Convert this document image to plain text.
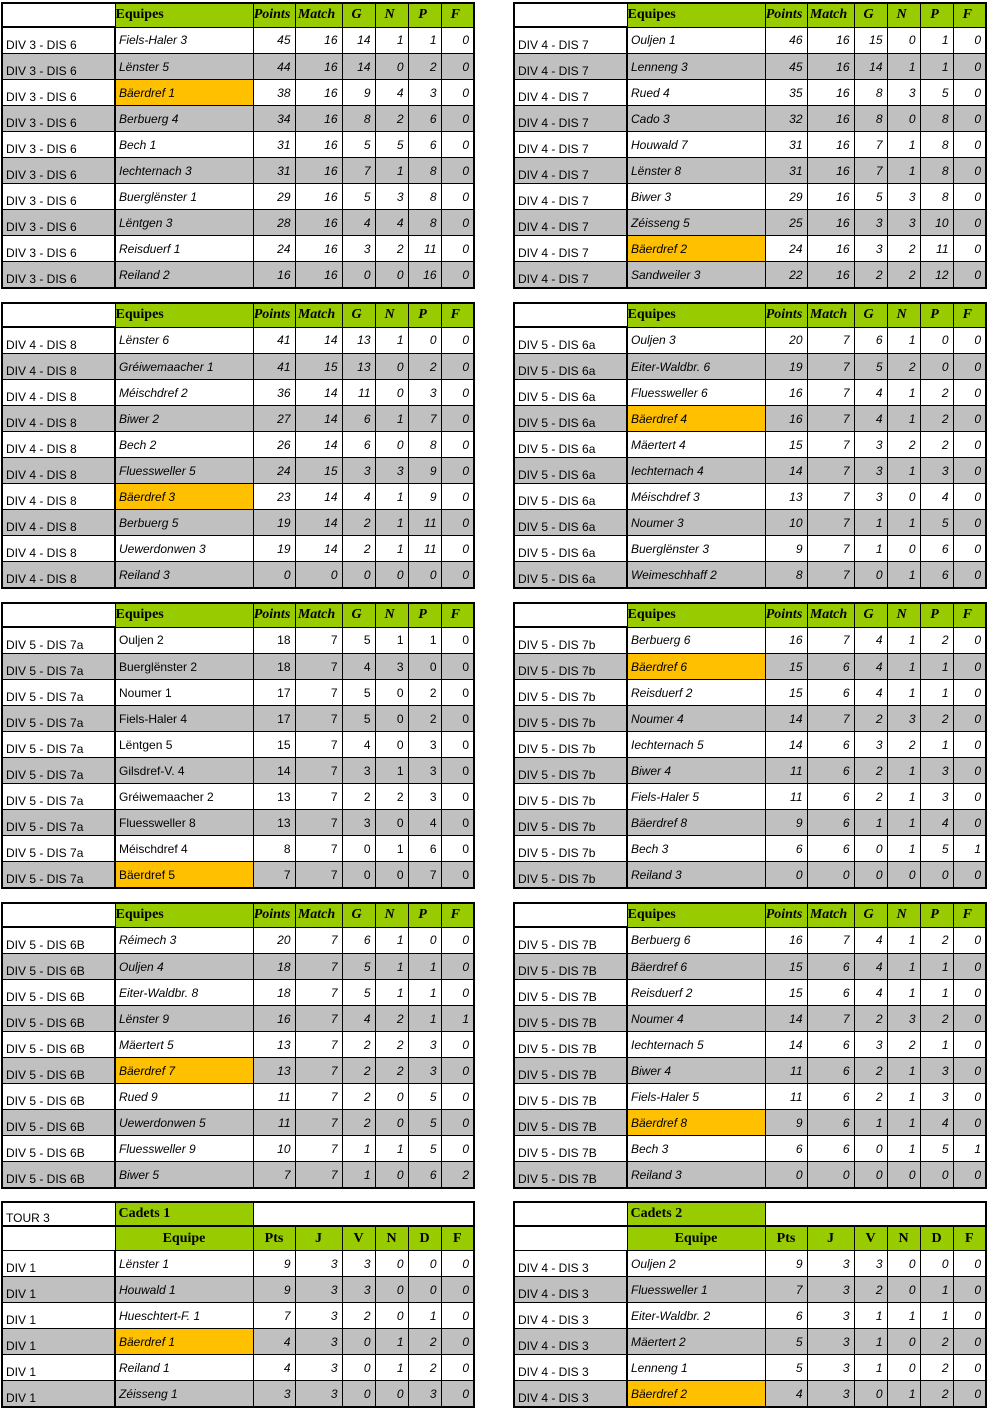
	Equipes	Points	Match	G	N	P	F
DIV 3 - DIS 6	Fiels-Haler 3	45	16	14	1	1	0
DIV 3 - DIS 6	Lënster 5	44	16	14	0	2	0
DIV 3 - DIS 6	Bäerdref 1	38	16	9	4	3	0
DIV 3 - DIS 6	Berbuerg 4	34	16	8	2	6	0
DIV 3 - DIS 6	Bech 1	31	16	5	5	6	0
DIV 3 - DIS 6	Iechternach 3	31	16	7	1	8	0
DIV 3 - DIS 6	Buerglënster 1	29	16	5	3	8	0
DIV 3 - DIS 6	Lëntgen 3	28	16	4	4	8	0
DIV 3 - DIS 6	Reisduerf 1	24	16	3	2	11	0
DIV 3 - DIS 6	Reiland 2	16	16	0	0	16	0
	Equipes	Points	Match	G	N	P	F
DIV 4 - DIS 7	Ouljen 1	46	16	15	0	1	0
DIV 4 - DIS 7	Lenneng 3	45	16	14	1	1	0
DIV 4 - DIS 7	Rued 4	35	16	8	3	5	0
DIV 4 - DIS 7	Cado 3	32	16	8	0	8	0
DIV 4 - DIS 7	Houwald 7	31	16	7	1	8	0
DIV 4 - DIS 7	Lënster 8	31	16	7	1	8	0
DIV 4 - DIS 7	Biwer 3	29	16	5	3	8	0
DIV 4 - DIS 7	Zéisseng 5	25	16	3	3	10	0
DIV 4 - DIS 7	Bäerdref 2	24	16	3	2	11	0
DIV 4 - DIS 7	Sandweiler 3	22	16	2	2	12	0
	Equipes	Points	Match	G	N	P	F
DIV 4 - DIS 8	Lënster 6	41	14	13	1	0	0
DIV 4 - DIS 8	Gréiwemaacher 1	41	15	13	0	2	0
DIV 4 - DIS 8	Méischdref 2	36	14	11	0	3	0
DIV 4 - DIS 8	Biwer 2	27	14	6	1	7	0
DIV 4 - DIS 8	Bech 2	26	14	6	0	8	0
DIV 4 - DIS 8	Fluessweller 5	24	15	3	3	9	0
DIV 4 - DIS 8	Bäerdref 3	23	14	4	1	9	0
DIV 4 - DIS 8	Berbuerg 5	19	14	2	1	11	0
DIV 4 - DIS 8	Uewerdonwen 3	19	14	2	1	11	0
DIV 4 - DIS 8	Reiland 3	0	0	0	0	0	0
	Equipes	Points	Match	G	N	P	F
DIV 5 - DIS 6a	Ouljen 3	20	7	6	1	0	0
DIV 5 - DIS 6a	Eiter-Waldbr. 6	19	7	5	2	0	0
DIV 5 - DIS 6a	Fluessweller 6	16	7	4	1	2	0
DIV 5 - DIS 6a	Bäerdref 4	16	7	4	1	2	0
DIV 5 - DIS 6a	Mäertert 4	15	7	3	2	2	0
DIV 5 - DIS 6a	Iechternach 4	14	7	3	1	3	0
DIV 5 - DIS 6a	Méischdref 3	13	7	3	0	4	0
DIV 5 - DIS 6a	Noumer 3	10	7	1	1	5	0
DIV 5 - DIS 6a	Buerglënster 3	9	7	1	0	6	0
DIV 5 - DIS 6a	Weimeschhaff 2	8	7	0	1	6	0
	Equipes	Points	Match	G	N	P	F
DIV 5 - DIS 7a	Ouljen 2	18	7	5	1	1	0
DIV 5 - DIS 7a	Buerglënster 2	18	7	4	3	0	0
DIV 5 - DIS 7a	Noumer 1	17	7	5	0	2	0
DIV 5 - DIS 7a	Fiels-Haler 4	17	7	5	0	2	0
DIV 5 - DIS 7a	Lëntgen 5	15	7	4	0	3	0
DIV 5 - DIS 7a	Gilsdref-V. 4	14	7	3	1	3	0
DIV 5 - DIS 7a	Gréiwemaacher 2	13	7	2	2	3	0
DIV 5 - DIS 7a	Fluessweller 8	13	7	3	0	4	0
DIV 5 - DIS 7a	Méischdref 4	8	7	0	1	6	0
DIV 5 - DIS 7a	Bäerdref 5	7	7	0	0	7	0
	Equipes	Points	Match	G	N	P	F
DIV 5 - DIS 7b	Berbuerg 6	16	7	4	1	2	0
DIV 5 - DIS 7b	Bäerdref 6	15	6	4	1	1	0
DIV 5 - DIS 7b	Reisduerf 2	15	6	4	1	1	0
DIV 5 - DIS 7b	Noumer 4	14	7	2	3	2	0
DIV 5 - DIS 7b	Iechternach 5	14	6	3	2	1	0
DIV 5 - DIS 7b	Biwer 4	11	6	2	1	3	0
DIV 5 - DIS 7b	Fiels-Haler 5	11	6	2	1	3	0
DIV 5 - DIS 7b	Bäerdref 8	9	6	1	1	4	0
DIV 5 - DIS 7b	Bech 3	6	6	0	1	5	1
DIV 5 - DIS 7b	Reiland 3	0	0	0	0	0	0
	Equipes	Points	Match	G	N	P	F
DIV 5 - DIS 6B	Réimech 3	20	7	6	1	0	0
DIV 5 - DIS 6B	Ouljen 4	18	7	5	1	1	0
DIV 5 - DIS 6B	Eiter-Waldbr. 8	18	7	5	1	1	0
DIV 5 - DIS 6B	Lënster 9	16	7	4	2	1	1
DIV 5 - DIS 6B	Mäertert 5	13	7	2	2	3	0
DIV 5 - DIS 6B	Bäerdref 7	13	7	2	2	3	0
DIV 5 - DIS 6B	Rued 9	11	7	2	0	5	0
DIV 5 - DIS 6B	Uewerdonwen 5	11	7	2	0	5	0
DIV 5 - DIS 6B	Fluessweller 9	10	7	1	1	5	0
DIV 5 - DIS 6B	Biwer 5	7	7	1	0	6	2
	Equipes	Points	Match	G	N	P	F
DIV 5 - DIS 7B	Berbuerg 6	16	7	4	1	2	0
DIV 5 - DIS 7B	Bäerdref 6	15	6	4	1	1	0
DIV 5 - DIS 7B	Reisduerf 2	15	6	4	1	1	0
DIV 5 - DIS 7B	Noumer 4	14	7	2	3	2	0
DIV 5 - DIS 7B	Iechternach 5	14	6	3	2	1	0
DIV 5 - DIS 7B	Biwer 4	11	6	2	1	3	0
DIV 5 - DIS 7B	Fiels-Haler 5	11	6	2	1	3	0
DIV 5 - DIS 7B	Bäerdref 8	9	6	1	1	4	0
DIV 5 - DIS 7B	Bech 3	6	6	0	1	5	1
DIV 5 - DIS 7B	Reiland 3	0	0	0	0	0	0
TOUR 3	Cadets 1						
	Equipe	Pts	J	V	N	D	F
DIV 1	Lënster 1	9	3	3	0	0	0
DIV 1	Houwald 1	9	3	3	0	0	0
DIV 1	Hueschtert-F. 1	7	3	2	0	1	0
DIV 1	Bäerdref 1	4	3	0	1	2	0
DIV 1	Reiland 1	4	3	0	1	2	0
DIV 1	Zéisseng 1	3	3	0	0	3	0
	Cadets 2						
	Equipe	Pts	J	V	N	D	F
DIV 4 - DIS 3	Ouljen 2	9	3	3	0	0	0
DIV 4 - DIS 3	Fluessweller 1	7	3	2	0	1	0
DIV 4 - DIS 3	Eiter-Waldbr. 2	6	3	1	1	1	0
DIV 4 - DIS 3	Mäertert 2	5	3	1	0	2	0
DIV 4 - DIS 3	Lenneng 1	5	3	1	0	2	0
DIV 4 - DIS 3	Bäerdref 2	4	3	0	1	2	0
